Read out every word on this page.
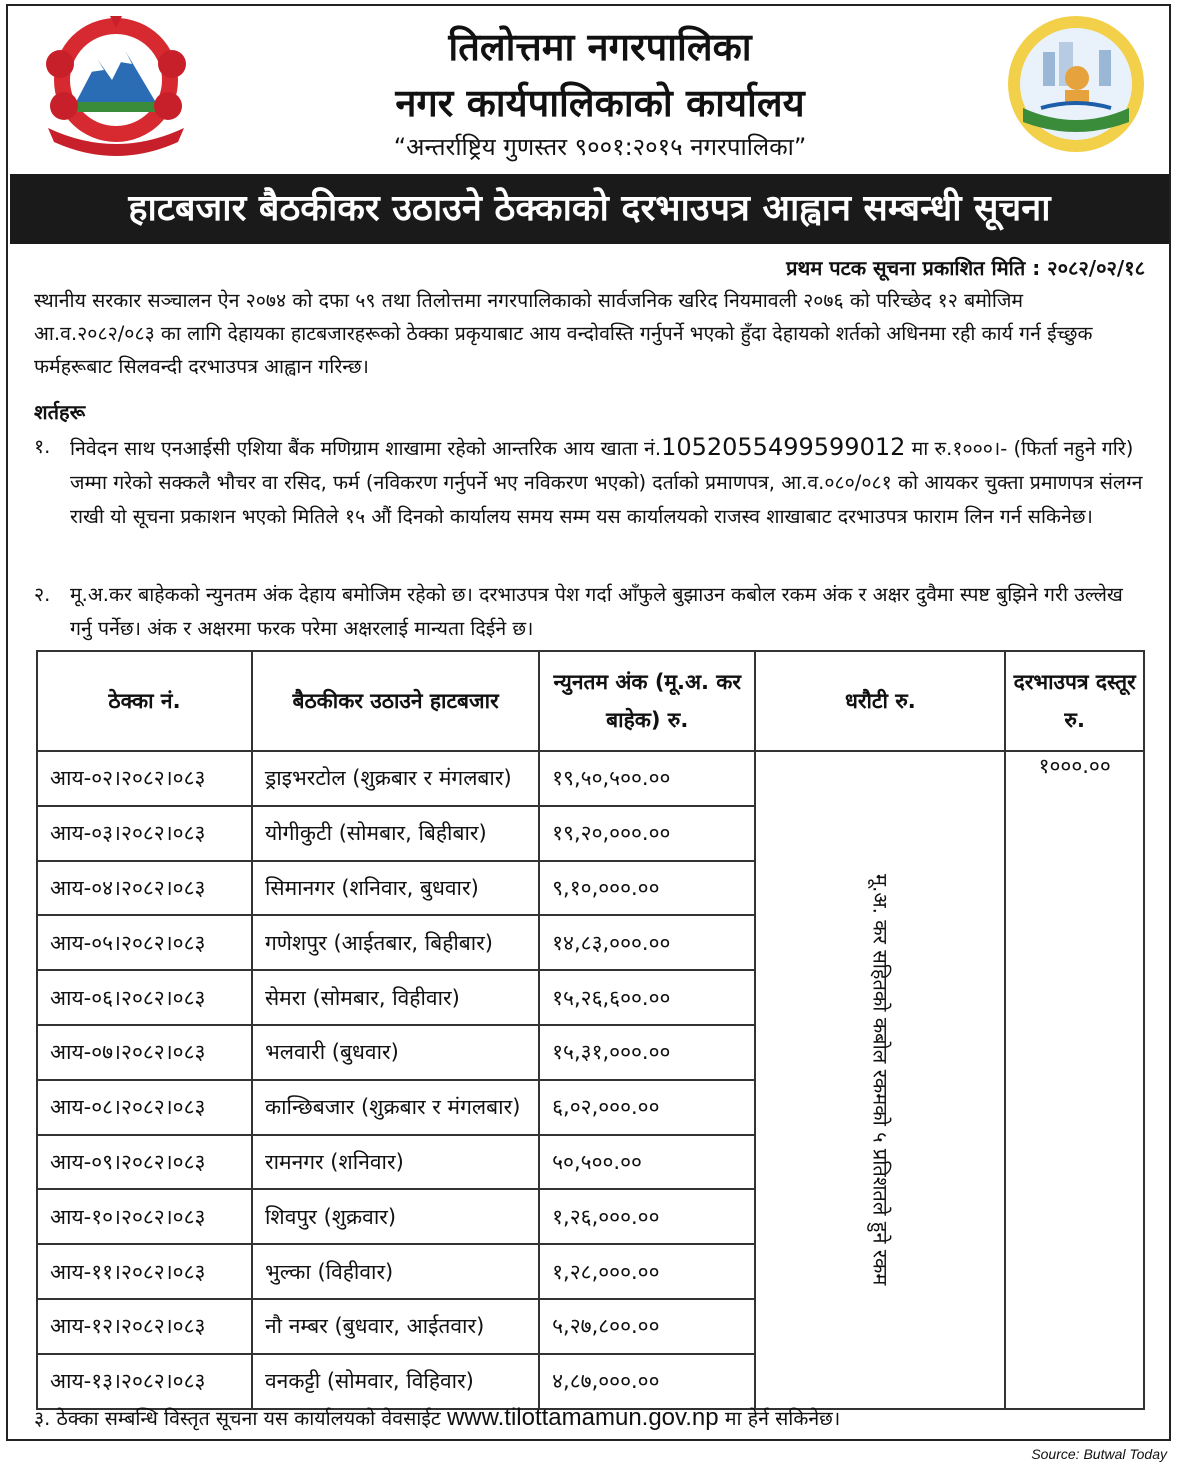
तिलोत्तमा नगरपालिका
नगर कार्यपालिकाको कार्यालय
“अन्तर्राष्ट्रिय गुणस्तर ९००१:२०१५ नगरपालिका”
हाटबजार बैठकीकर उठाउने ठेक्काको दरभाउपत्र आह्वान सम्बन्धी सूचना
प्रथम पटक सूचना प्रकाशित मिति : २०८२/०२/१८
स्थानीय सरकार सञ्चालन ऐन २०७४ को दफा ५९ तथा तिलोत्तमा नगरपालिकाको सार्वजनिक खरिद नियमावली २०७६ को परिच्छेद १२ बमोजिम आ.व.२०८२/०८३ का लागि देहायका हाटबजारहरूको ठेक्का प्रकृयाबाट आय वन्दोवस्ति गर्नुपर्ने भएको हुँदा देहायको शर्तको अधिनमा रही कार्य गर्न ईच्छुक फर्महरूबाट सिलवन्दी दरभाउपत्र आह्वान गरिन्छ।
शर्तहरू
१. निवेदन साथ एनआईसी एशिया बैंक मणिग्राम शाखामा रहेको आन्तरिक आय खाता नं.1052055499599012 मा रु.१०००।- (फिर्ता नहुने गरि) जम्मा गरेको सक्कलै भौचर वा रसिद, फर्म (नविकरण गर्नुपर्ने भए नविकरण भएको) दर्ताको प्रमाणपत्र, आ.व.०८०/०८१ को आयकर चुक्ता प्रमाणपत्र संलग्न राखी यो सूचना प्रकाशन भएको मितिले १५ औं दिनको कार्यालय समय सम्म यस कार्यालयको राजस्व शाखाबाट दरभाउपत्र फाराम लिन गर्न सकिनेछ।
२. मू.अ.कर बाहेकको न्युनतम अंक देहाय बमोजिम रहेको छ। दरभाउपत्र पेश गर्दा आँफुले बुझाउन कबोल रकम अंक र अक्षर दुवैमा स्पष्ट बुझिने गरी उल्लेख गर्नु पर्नेछ। अंक र अक्षरमा फरक परेमा अक्षरलाई मान्यता दिईने छ।
ठेक्का नं.	बैठकीकर उठाउने हाटबजार	न्युनतम अंक (मू.अ. कर बाहेक) रु.	धरौटी रु.	दरभाउपत्र दस्तूर रु.
आय-०२।२०८२।०८३	ड्राइभरटोल (शुक्रबार र मंगलबार)	१९,५०,५००.००	मू.अ. कर सहितको कबोल रकमको ५ प्रतिशतले हुने रकम	१०००.००
आय-०३।२०८२।०८३	योगीकुटी (सोमबार, बिहीबार)	१९,२०,०००.००		
आय-०४।२०८२।०८३	सिमानगर (शनिवार, बुधवार)	९,१०,०००.००		
आय-०५।२०८२।०८३	गणेशपुर (आईतबार, बिहीबार)	१४,८३,०००.००		
आय-०६।२०८२।०८३	सेमरा (सोमबार, विहीवार)	१५,२६,६००.००		
आय-०७।२०८२।०८३	भलवारी (बुधवार)	१५,३१,०००.००		
आय-०८।२०८२।०८३	कान्छिबजार (शुक्रबार र मंगलबार)	६,०२,०००.००		
आय-०९।२०८२।०८३	रामनगर (शनिवार)	५०,५००.००		
आय-१०।२०८२।०८३	शिवपुर (शुक्रवार)	१,२६,०००.००		
आय-११।२०८२।०८३	भुल्का (विहीवार)	१,२८,०००.००		
आय-१२।२०८२।०८३	नौ नम्बर (बुधवार, आईतवार)	५,२७,८००.००		
आय-१३।२०८२।०८३	वनकट्टी (सोमवार, विहिवार)	४,८७,०००.००		
३. ठेक्का सम्बन्धि विस्तृत सूचना यस कार्यालयको वेवसाईट www.tilottamamun.gov.np मा हेर्न सकिनेछ।
Source: Butwal Today
